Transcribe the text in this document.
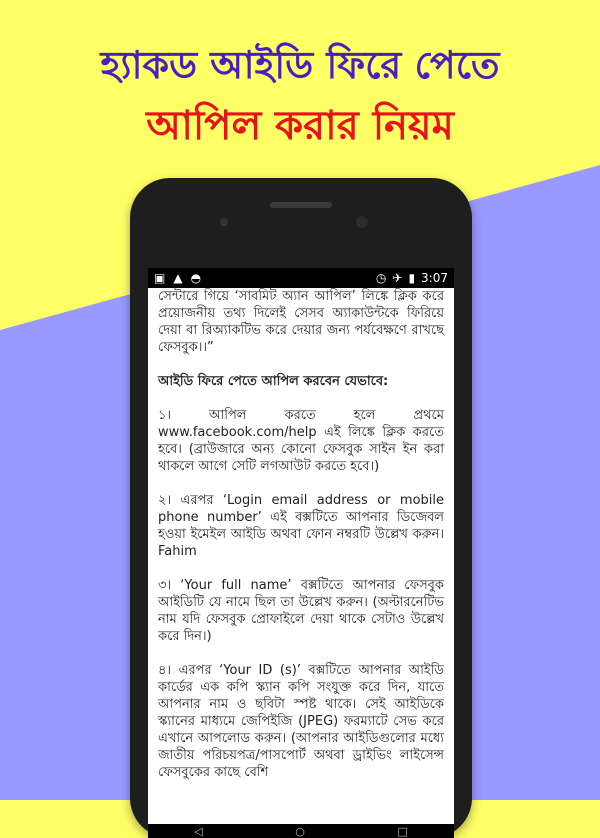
হ্যাকড আইডি ফিরে পেতে
আপিল করার নিয়ম
▣ ▲ ◓	◷ ✈ ▮ 3:07

সেন্টারে গিয়ে ‘সাবমিট অ্যান আপিল’ লিঙ্কে ক্লিক করে প্রয়োজনীয় তথ্য দিলেই সেসব অ্যাকাউন্টকে ফিরিয়ে দেয়া বা রিঅ্যাকটিভ করে দেয়ার জন্য পর্যবেক্ষণে রাখছে ফেসবুক।।”

আইডি ফিরে পেতে আপিল করবেন যেভাবে:

১। আপিল করতে হলে প্রথমে www.facebook.com/help এই লিঙ্কে ক্লিক করতে হবে। (ব্রাউজারে অন্য কোনো ফেসবুক সাইন ইন করা থাকলে আগে সেটি লগআউট করতে হবে।)

২। এরপর ‘Login email address or mobile phone number’ এই বক্সটিতে আপনার ডিজেবল হওয়া ইমেইল আইডি অথবা ফোন নম্বরটি উল্লেখ করুন। Fahim

৩। ‘Your full name’ বক্সটিতে আপনার ফেসবুক আইডিটি যে নামে ছিল তা উল্লেখ করুন। (অল্টারনেটিভ নাম যদি ফেসবুক প্রোফাইলে দেয়া থাকে সেটাও উল্লেখ করে দিন।)

৪। এরপর ‘Your ID (s)’ বক্সটিতে আপনার আইডি কার্ডের এক কপি স্ক্যান কপি সংযুক্ত করে দিন, যাতে আপনার নাম ও ছবিটা স্পষ্ট থাকে। সেই আইডিকে স্ক্যানের মাধ্যমে জেপিইজি (JPEG) ফরম্যাটে সেভ করে এখানে আপলোড করুন। (আপনার আইডিগুলোর মধ্যে জাতীয় পরিচয়পত্র/পাসপোর্ট অথবা ড্রাইভিং লাইসেন্স ফেসবুকের কাছে বেশি

◁	○	□
